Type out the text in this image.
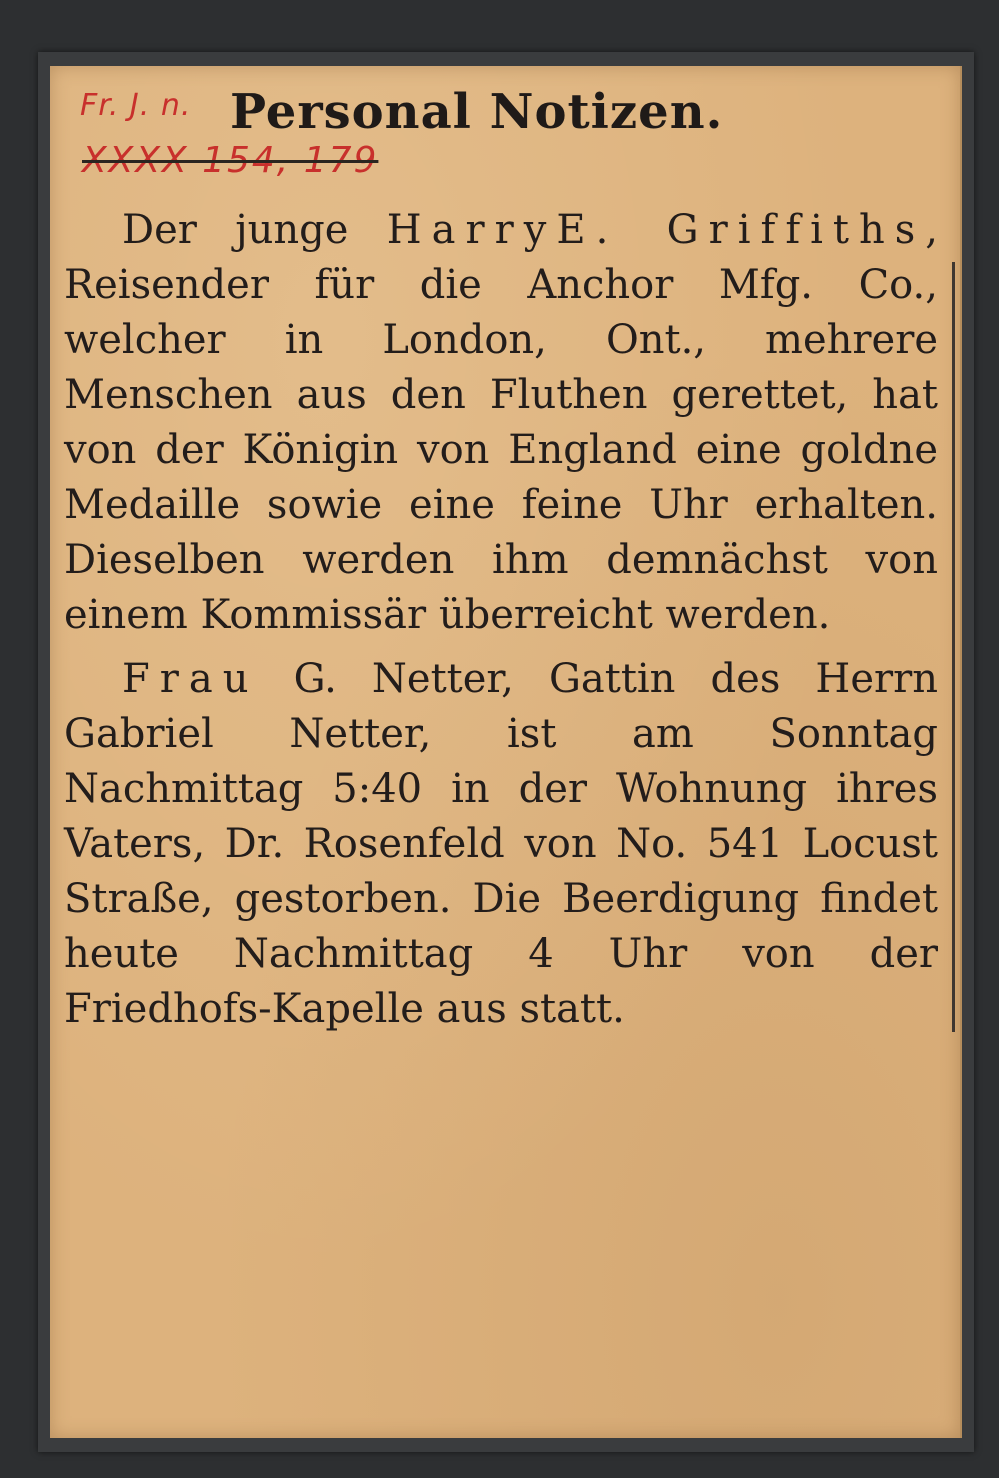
Fr. J. n.
XXXX 154, 179
Personal Notizen.
Der junge HarryE. Griffiths, Reisender für die Anchor Mfg. Co., welcher in London, Ont., mehrere Menschen aus den Fluthen gerettet, hat von der Königin von England eine goldne Medaille sowie eine feine Uhr erhalten. Dieselben werden ihm demnächst von einem Kommissär überreicht werden.
Frau G. Netter, Gattin des Herrn Gabriel Netter, ist am Sonntag Nachmittag 5:40 in der Wohnung ihres Vaters, Dr. Rosenfeld von No. 541 Locust Straße, gestorben. Die Beerdigung findet heute Nachmittag 4 Uhr von der Friedhofs-Kapelle aus statt.
